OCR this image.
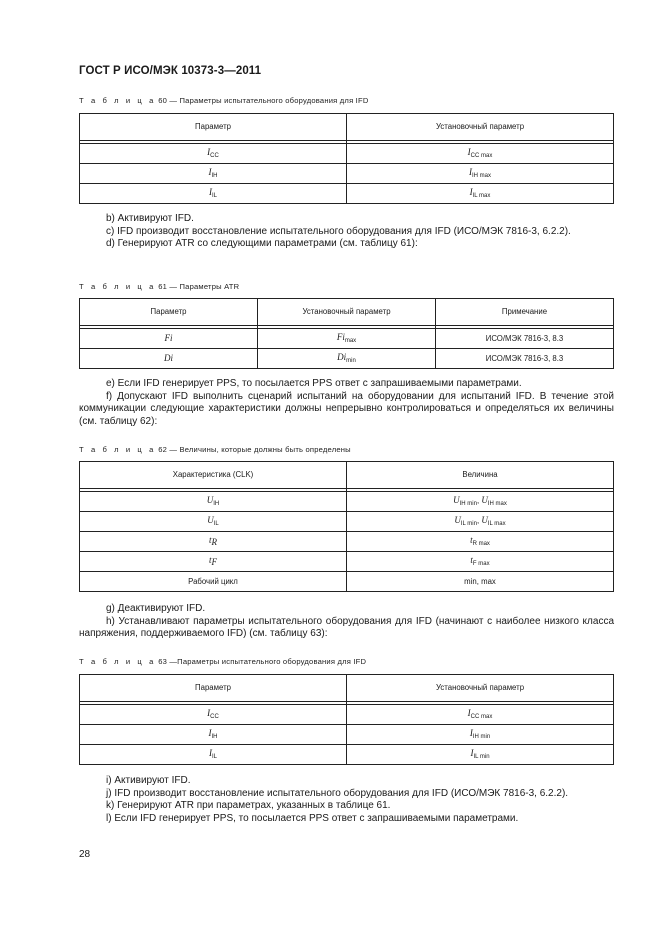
ГОСТ Р ИСО/МЭК 10373-3—2011
Т а б л и ц а 60 — Параметры испытательного оборудования для IFD
Параметр	Установочный параметр

$I_{CC}$	$I_{CC max}$
$I_{IH}$	$I_{IH max}$
$I_{IL}$	$I_{IL max}$

b) Активируют IFD.

c) IFD производит восстановление испытательного оборудования для IFD (ИСО/МЭК 7816-3, 6.2.2).

d) Генерируют ATR со следующими параметрами (см. таблицу 61):

Т а б л и ц а 61 — Параметры ATR
Параметр	Установочный параметр	Примечание

Fi	$Fi_{max}$	ИСО/МЭК 7816-3, 8.3
Di	$Di_{min}$	ИСО/МЭК 7816-3, 8.3

e) Если IFD генерирует PPS, то посылается PPS ответ с запрашиваемыми параметрами.

f) Допускают IFD выполнить сценарий испытаний на оборудовании для испытаний IFD. В течение этой коммуникации следующие характеристики должны непрерывно контролироваться и определяться их величины (см. таблицу 62):

Т а б л и ц а 62 — Величины, которые должны быть определены
Характеристика (CLK)	Величина

$U_{IH}$	$U_{IH min}$, $U_{IH max}$
$U_{IL}$	$U_{IL min}$, $U_{IL max}$
$t_R$	$t_{R max}$
$t_F$	$t_{F max}$
Рабочий цикл	min, max

g) Деактивируют IFD.

h) Устанавливают параметры испытательного оборудования для IFD (начинают с наиболее низкого класса напряжения, поддерживаемого IFD) (см. таблицу 63):

Т а б л и ц а 63 —Параметры испытательного оборудования для IFD
Параметр	Установочный параметр

$I_{CC}$	$I_{CC max}$
$I_{IH}$	$I_{IH min}$
$I_{IL}$	$I_{IL min}$

i) Активируют IFD.

j) IFD производит восстановление испытательного оборудования для IFD (ИСО/МЭК 7816-3, 6.2.2).

k) Генерируют ATR при параметрах, указанных в таблице 61.

l) Если IFD генерирует PPS, то посылается PPS ответ с запрашиваемыми параметрами.

28
